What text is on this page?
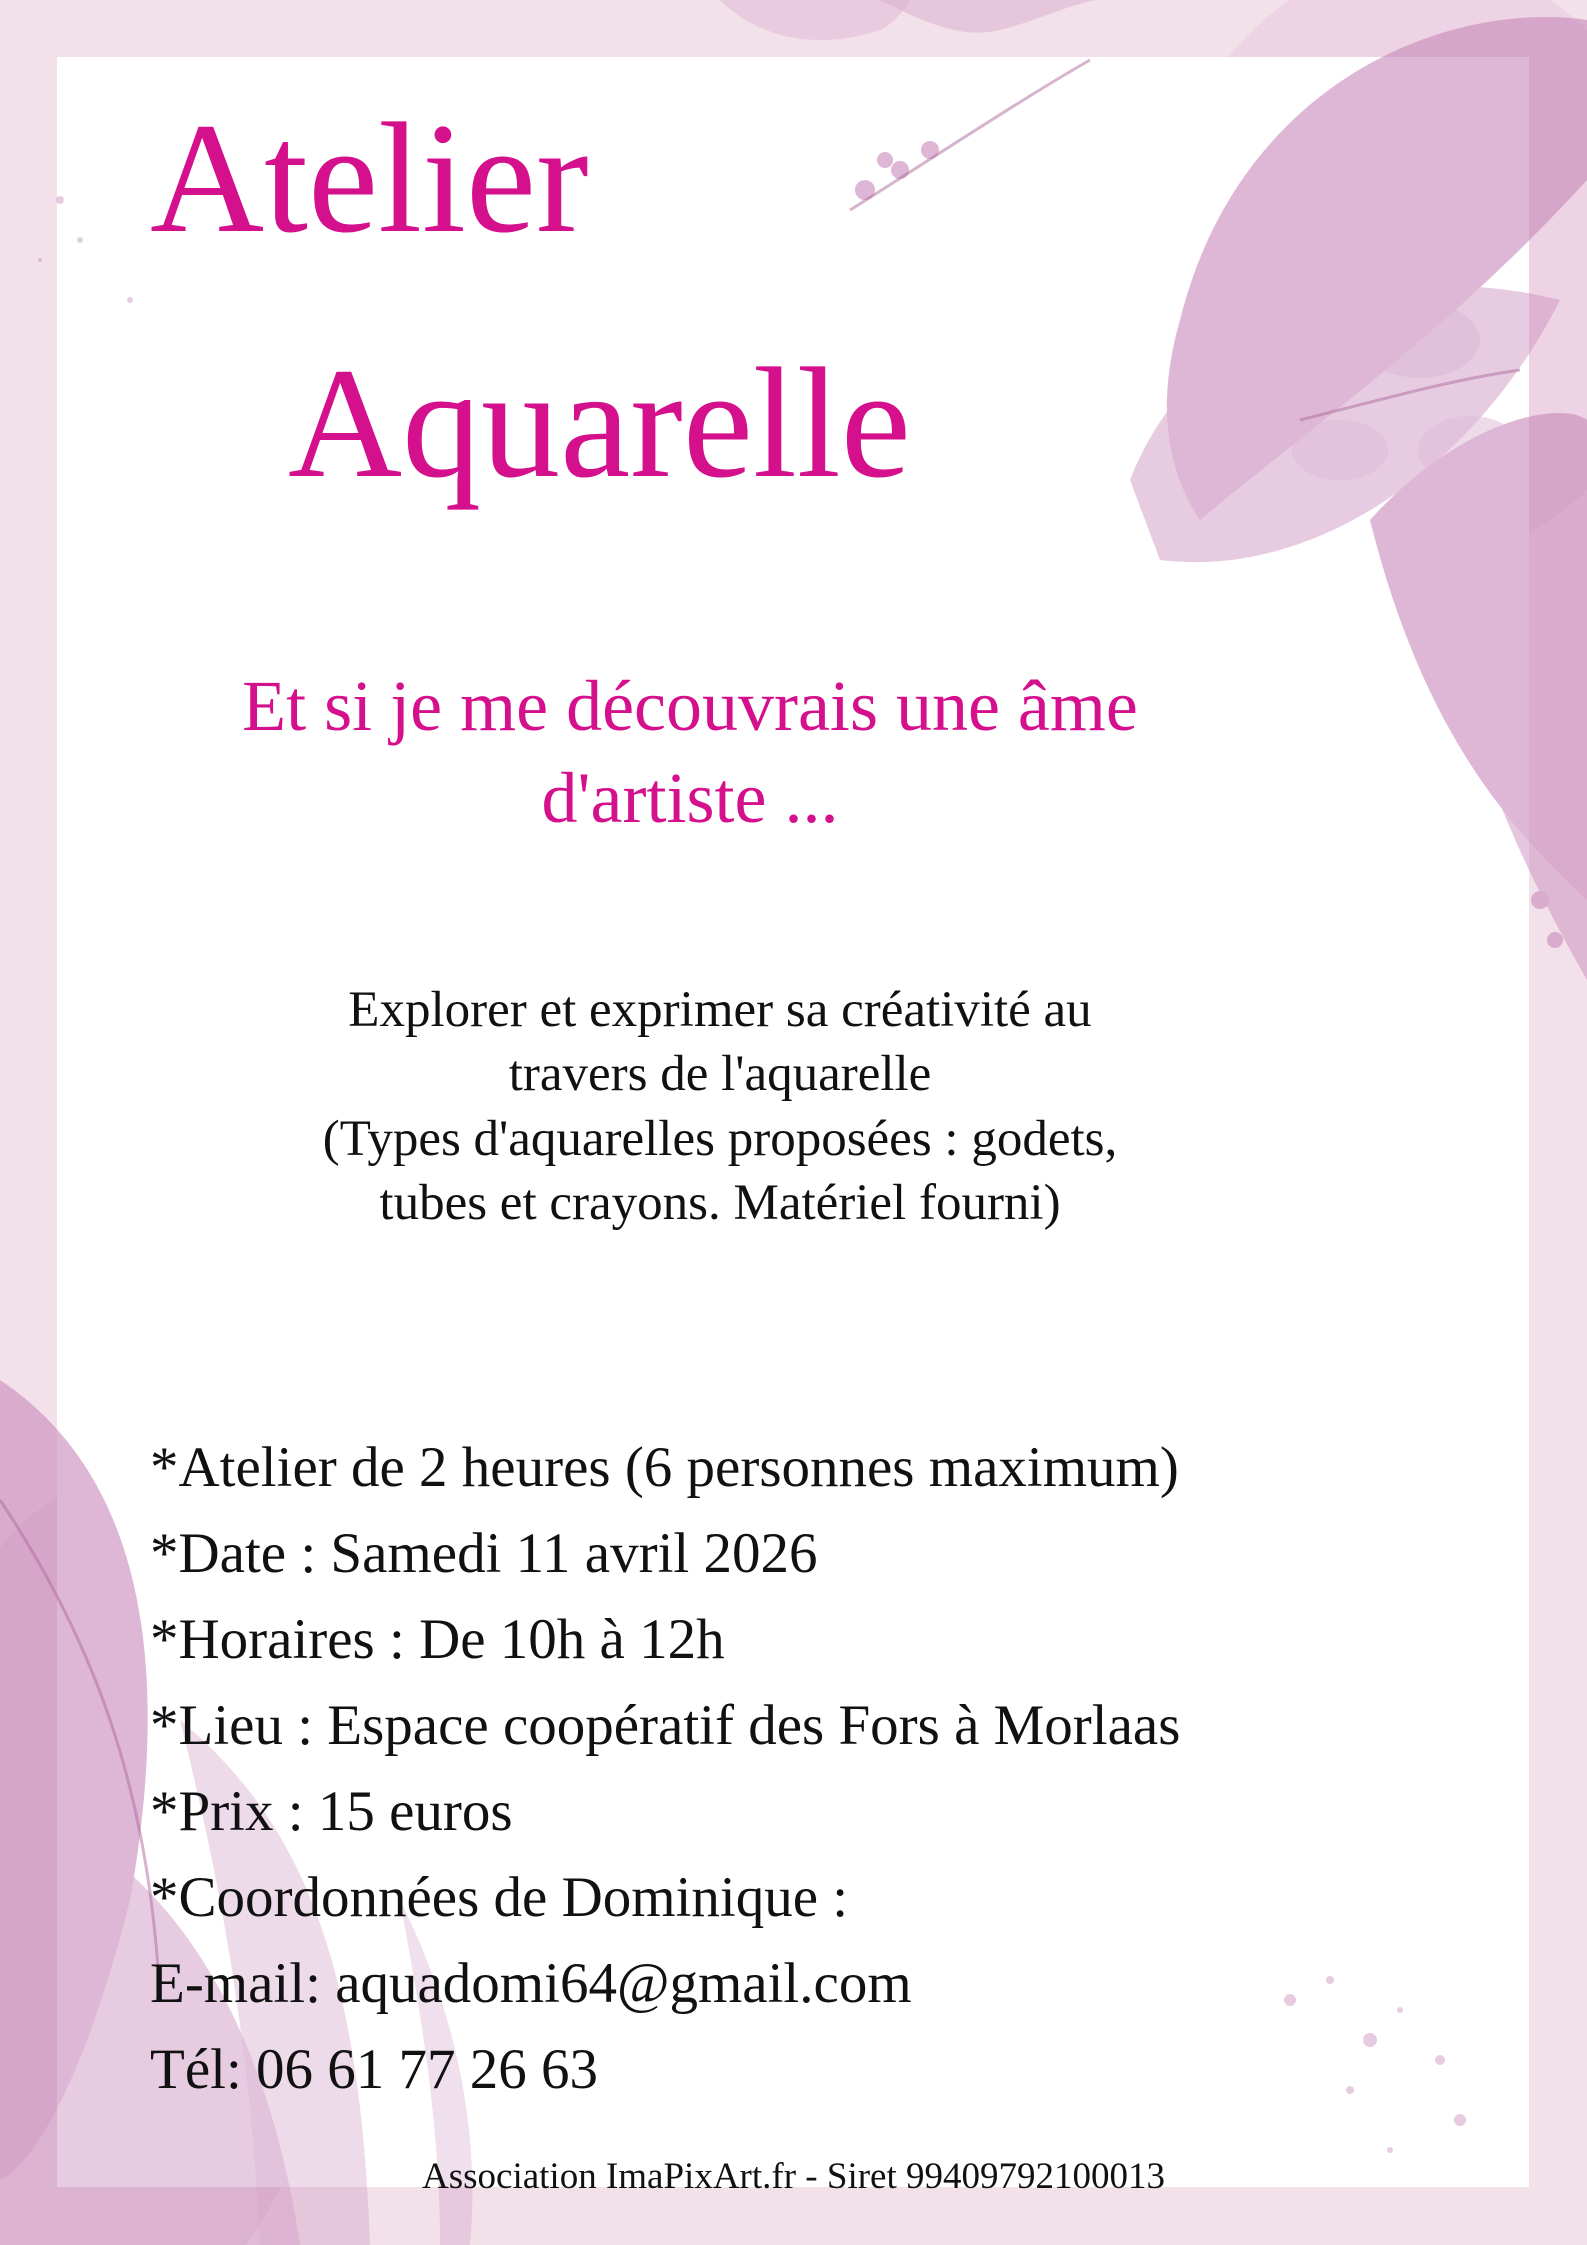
Atelier
Aquarelle
Et si je me découvrais une âme
d'artiste ...
Explorer et exprimer sa créativité au
travers de l'aquarelle
(Types d'aquarelles proposées : godets,
tubes et crayons. Matériel fourni)
*Atelier de 2 heures (6 personnes maximum)
*Date : Samedi 11 avril 2026
*Horaires : De 10h à 12h
*Lieu : Espace coopératif des Fors à Morlaas
*Prix : 15 euros
*Coordonnées de Dominique :
E-mail: aquadomi64@gmail.com
Tél: 06 61 77 26 63
Association ImaPixArt.fr - Siret 99409792100013
